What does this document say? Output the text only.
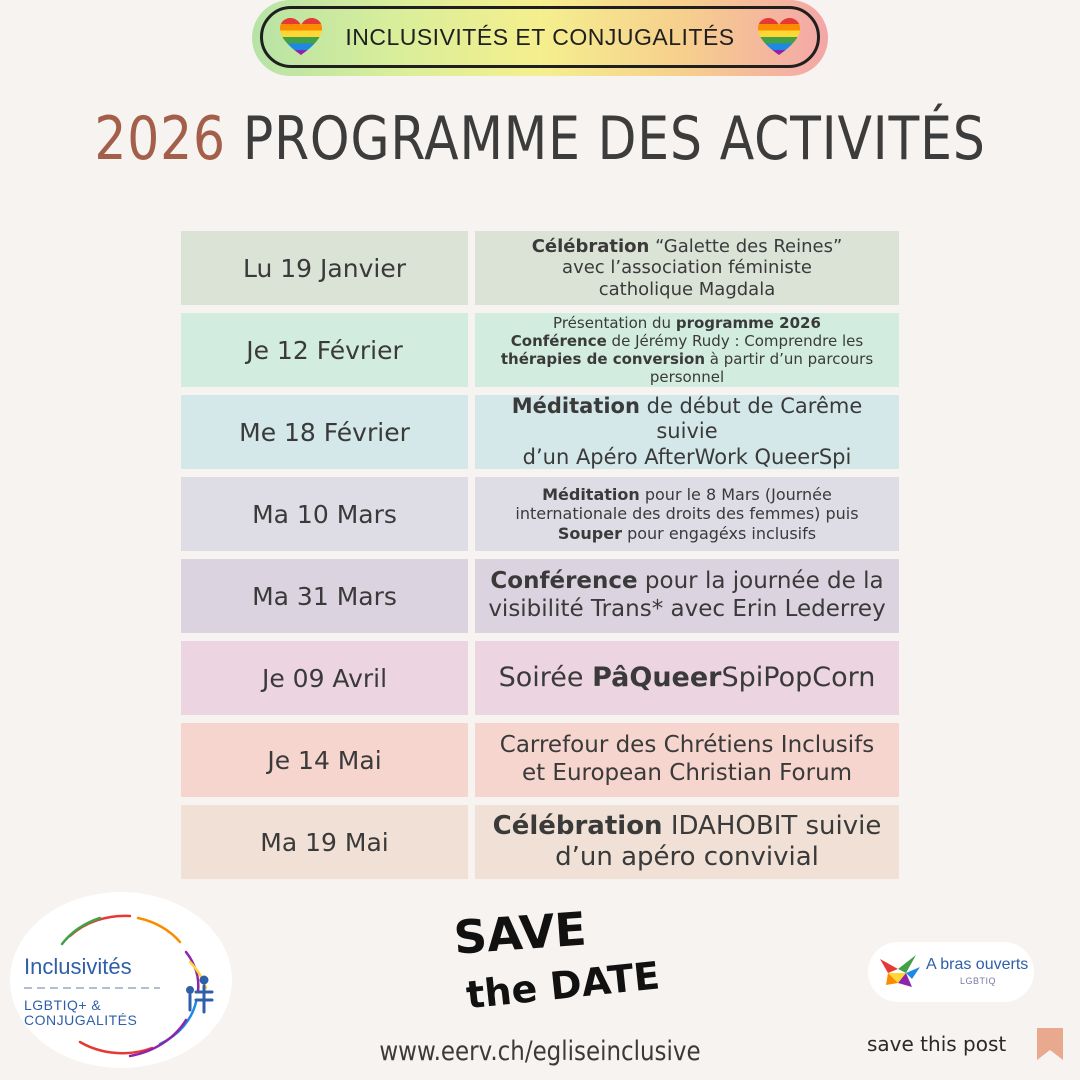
INCLUSIVITÉS ET CONJUGALITÉS
2026 PROGRAMME DES ACTIVITÉS
Lu 19 Janvier
Célébration “Galette des Reines”
avec l’association féministe
catholique Magdala
Je 12 Février
Présentation du programme 2026
Conférence de Jérémy Rudy : Comprendre les
thérapies de conversion à partir d’un parcours
personnel
Me 18 Février
Méditation de début de Carême suivie
d’un Apéro AfterWork QueerSpi
Ma 10 Mars
Méditation pour le 8 Mars (Journée
internationale des droits des femmes) puis
Souper pour engagéxs inclusifs
Ma 31 Mars
Conférence pour la journée de la
visibilité Trans* avec Erin Lederrey
Je 09 Avril	Soirée PâQueerSpiPopCorn
Je 14 Mai
Carrefour des Chrétiens Inclusifs
et European Christian Forum
Ma 19 Mai
Célébration IDAHOBIT suivie
d’un apéro convivial
Inclusivités
LGBTIQ+ &
CONJUGALITÉS
SAVE
the DATE
www.eerv.ch/egliseinclusive
A bras ouverts
LGBTIQ
save this post
